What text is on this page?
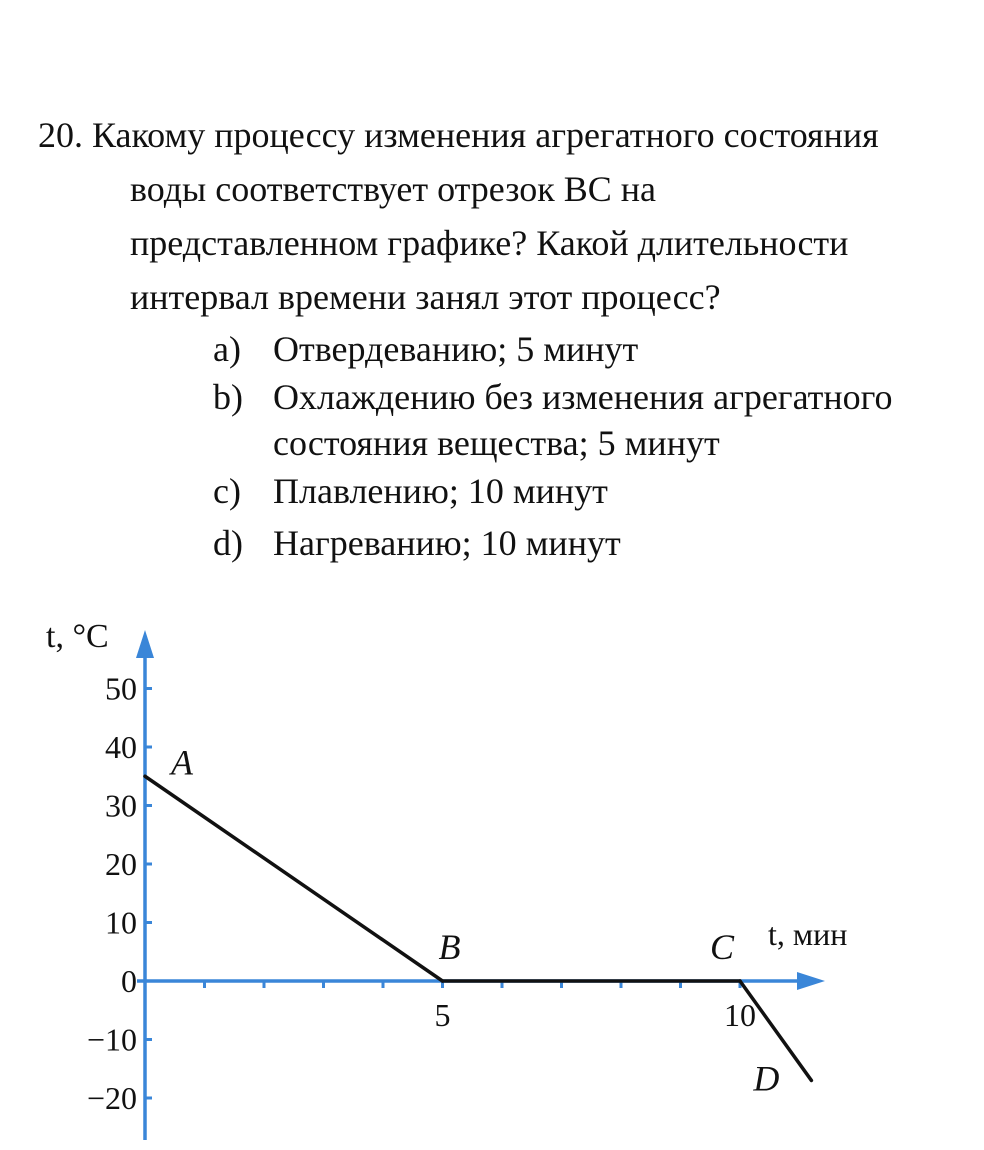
20. Какому процессу изменения агрегатного состояния
воды соответствует отрезок BC на
представленном графике? Какой длительности
интервал времени занял этот процесс?
a) Отвердеванию; 5 минут
b) Охлаждению без изменения агрегатного состояния вещества; 5 минут
c) Плавлению; 10 минут
d) Нагреванию; 10 минут
50
40
30
20
10
0
−10
−20
5	10
t, °C
t, мин
A
B	C
D
